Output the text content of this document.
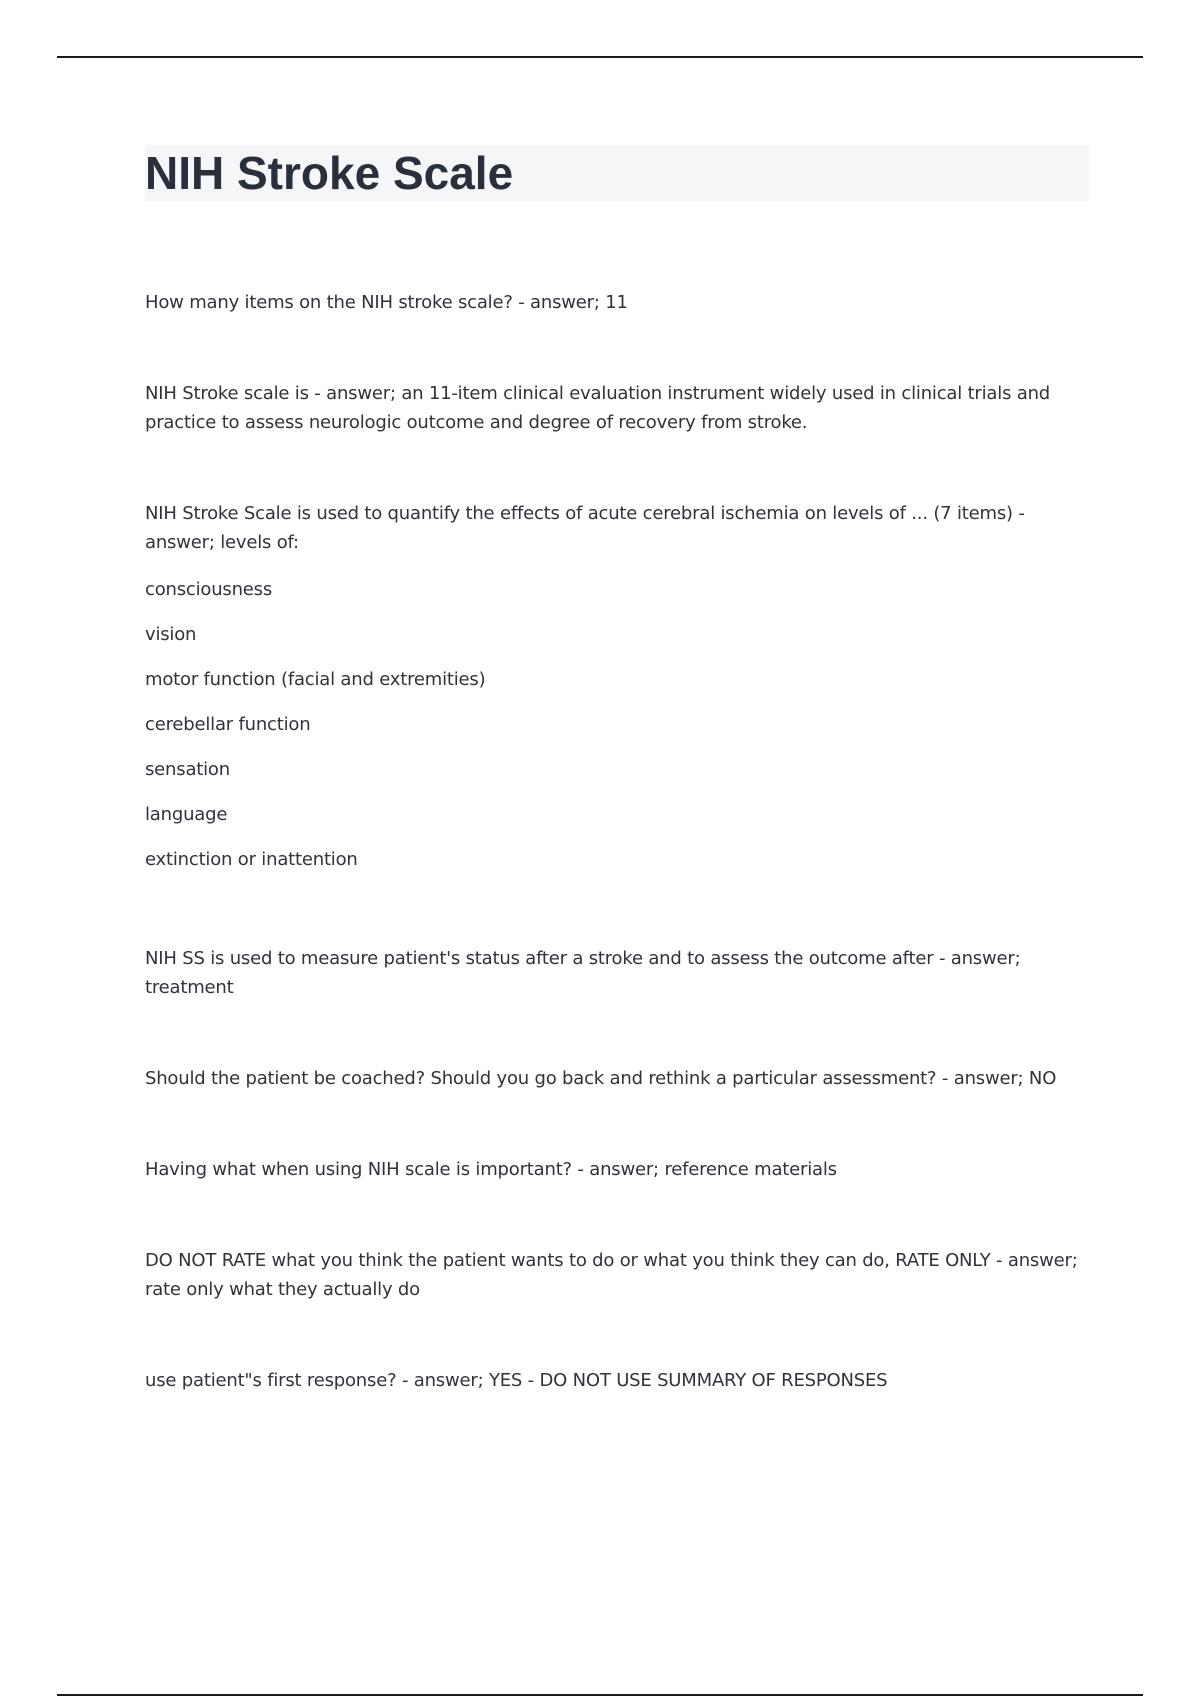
NIH Stroke Scale

How many items on the NIH stroke scale? - answer; 11

NIH Stroke scale is - answer; an 11-item clinical evaluation instrument widely used in clinical trials and practice to assess neurologic outcome and degree of recovery from stroke.

NIH Stroke Scale is used to quantify the effects of acute cerebral ischemia on levels of ... (7 items) - answer; levels of:

consciousness
vision
motor function (facial and extremities)
cerebellar function
sensation
language
extinction or inattention

NIH SS is used to measure patient's status after a stroke and to assess the outcome after - answer; treatment

Should the patient be coached? Should you go back and rethink a particular assessment? - answer; NO

Having what when using NIH scale is important? - answer; reference materials

DO NOT RATE what you think the patient wants to do or what you think they can do, RATE ONLY - answer; rate only what they actually do

use patient"s first response? - answer; YES - DO NOT USE SUMMARY OF RESPONSES
